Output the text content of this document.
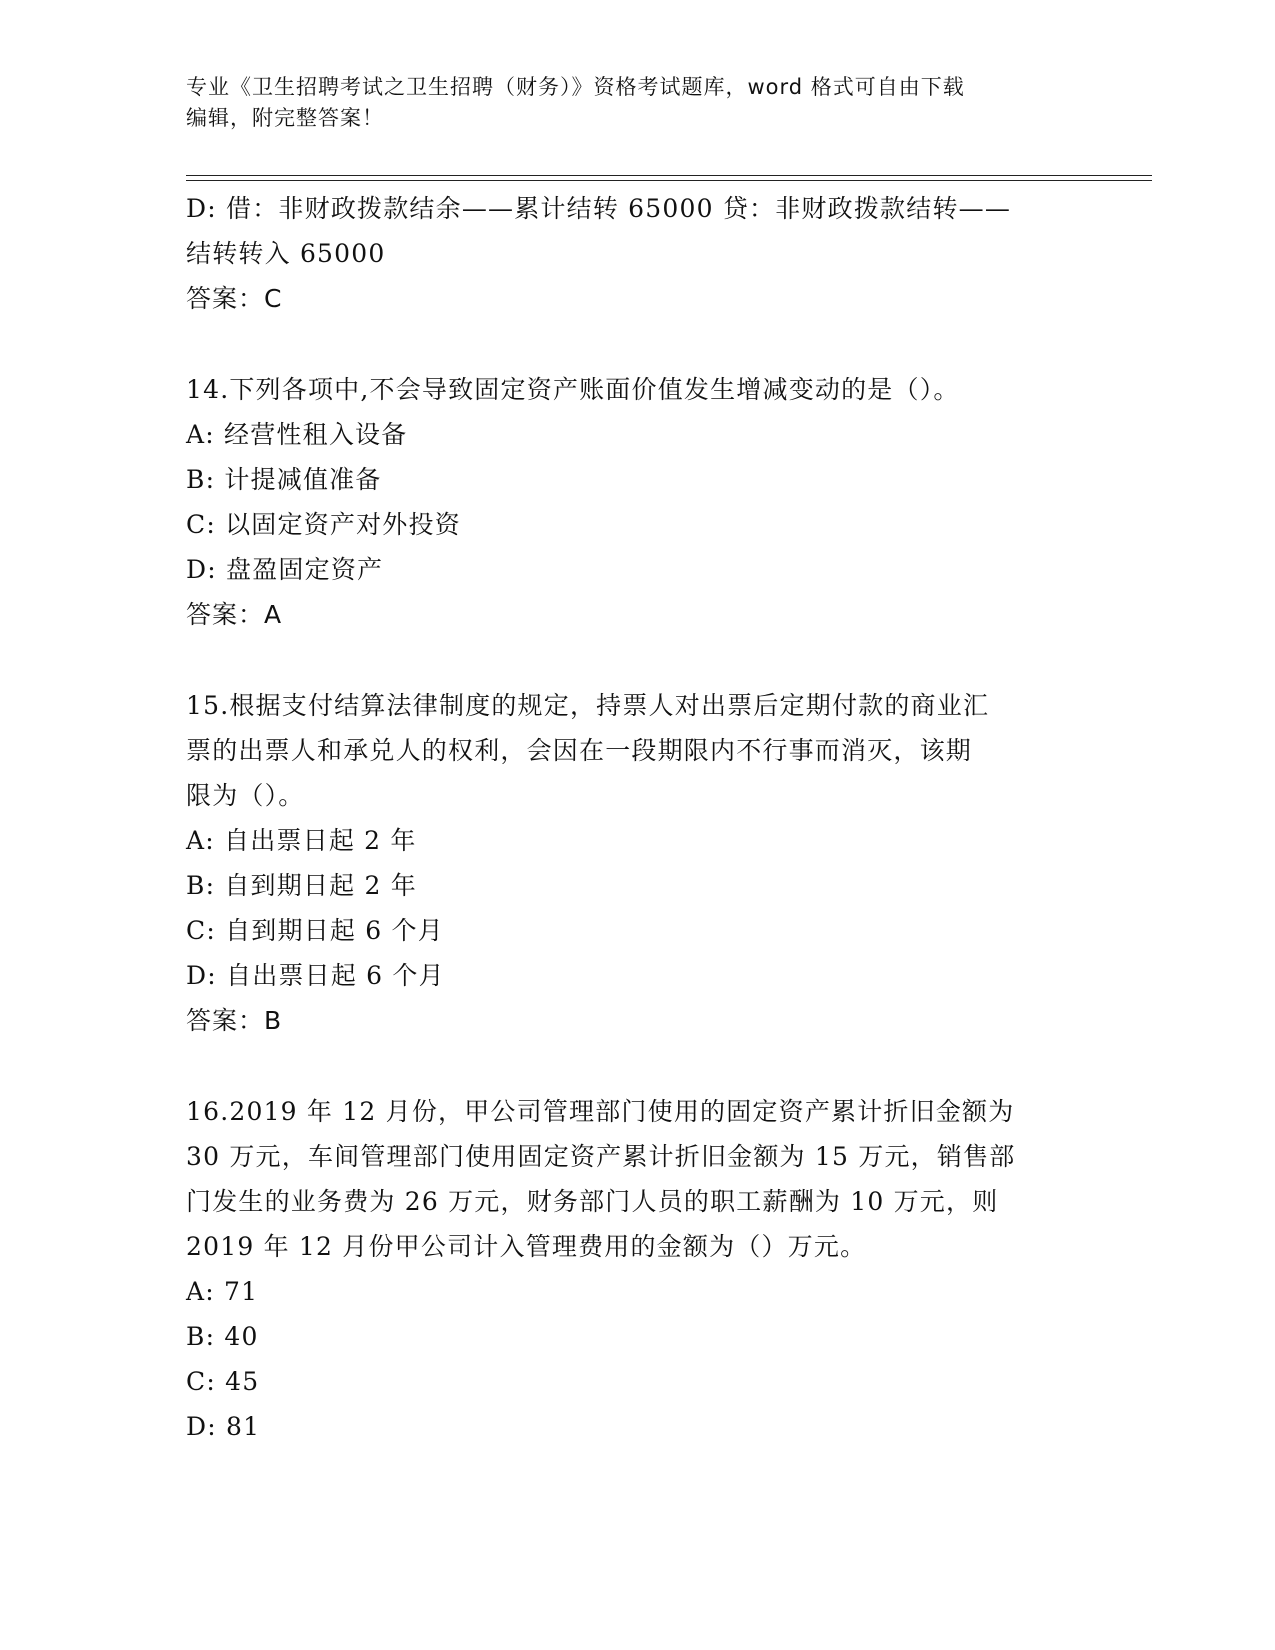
专业《卫生招聘考试之卫生招聘（财务）》资格考试题库，word 格式可自由下载
编辑，附完整答案！
D: 借：非财政拨款结余——累计结转 65000 贷：非财政拨款结转——
结转转入 65000
答案：C
14.下列各项中,不会导致固定资产账面价值发生增减变动的是（）。
A: 经营性租入设备
B: 计提减值准备
C: 以固定资产对外投资
D: 盘盈固定资产
答案：A
15.根据支付结算法律制度的规定，持票人对出票后定期付款的商业汇
票的出票人和承兑人的权利，会因在一段期限内不行事而消灭，该期
限为（）。
A: 自出票日起 2 年
B: 自到期日起 2 年
C: 自到期日起 6 个月
D: 自出票日起 6 个月
答案：B
16.2019 年 12 月份，甲公司管理部门使用的固定资产累计折旧金额为
30 万元，车间管理部门使用固定资产累计折旧金额为 15 万元，销售部
门发生的业务费为 26 万元，财务部门人员的职工薪酬为 10 万元，则
2019 年 12 月份甲公司计入管理费用的金额为（）万元。
A: 71
B: 40
C: 45
D: 81
